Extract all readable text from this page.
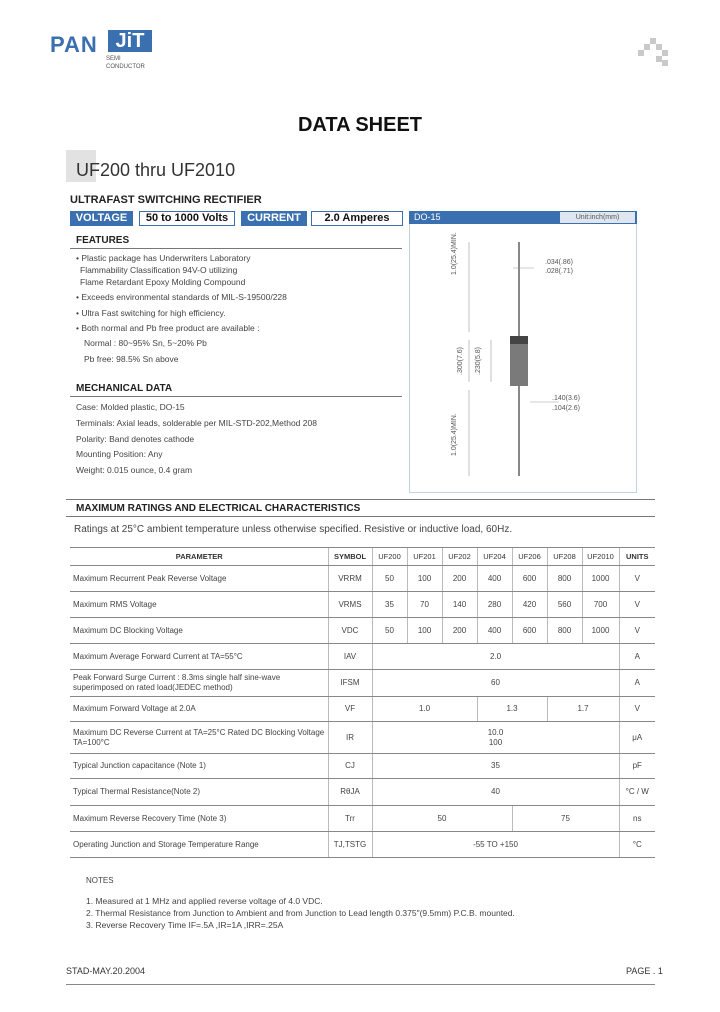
PAN JiT
SEMI
CONDUCTOR
DATA SHEET
UF200 thru UF2010
ULTRAFAST SWITCHING RECTIFIER
VOLTAGE	50 to 1000 Volts	CURRENT	2.0 Amperes
FEATURES
• Plastic package has Underwriters Laboratory
Flammability Classification 94V-O utilizing
Flame Retardant Epoxy Molding Compound
• Exceeds environmental standards of MIL-S-19500/228
• Ultra Fast switching for high efficiency.
• Both normal and Pb free product are available :
Normal : 80~95% Sn, 5~20% Pb
Pb free: 98.5% Sn above
MECHANICAL DATA
Case: Molded plastic, DO-15
Terminals: Axial leads, solderable per MIL-STD-202,Method 208
Polarity: Band denotes cathode
Mounting Position: Any
Weight: 0.015 ounce, 0.4 gram
DO-15	Unit:inch(mm)
.034(.86)
.028(.71)
1.0(25.4)MIN.
.300(7.6) .230(5.8)
.140(3.6)
.104(2.6)
1.0(25.4)MIN.
MAXIMUM RATINGS AND ELECTRICAL CHARACTERISTICS
Ratings at 25°C ambient temperature unless otherwise specified. Resistive or inductive load, 60Hz.
PARAMETER	SYMBOL	UF200	UF201	UF202	UF204	UF206	UF208	UF2010	UNITS
Maximum Recurrent Peak Reverse Voltage	VRRM	50	100	200	400	600	800	1000	V
Maximum RMS Voltage	VRMS	35	70	140	280	420	560	700	V
Maximum DC Blocking Voltage	VDC	50	100	200	400	600	800	1000	V
Maximum Average Forward Current at TA=55°C	IAV	2.0							A
Peak Forward Surge Current : 8.3ms single half sine-wave superimposed on rated load(JEDEC method)	IFSM	60							A
Maximum Forward Voltage at 2.0A	VF	1.0			1.3		1.7		V
Maximum DC Reverse Current at TA=25°C Rated DC Blocking Voltage TA=100°C	IR	10.0
100							μA
Typical Junction capacitance (Note 1)	CJ	35							pF
Typical Thermal Resistance(Note 2)	RθJA	40							°C / W
Maximum Reverse Recovery Time (Note 3)	Trr	50				75			ns
Operating Junction and Storage Temperature Range	TJ,TSTG	-55 TO +150							°C
NOTES
1. Measured at 1 MHz and applied reverse voltage of 4.0 VDC.
2. Thermal Resistance from Junction to Ambient and from Junction to Lead length 0.375"(9.5mm) P.C.B. mounted.
3. Reverse Recovery Time IF=.5A ,IR=1A ,IRR=.25A
STAD-MAY.20.2004	PAGE . 1
